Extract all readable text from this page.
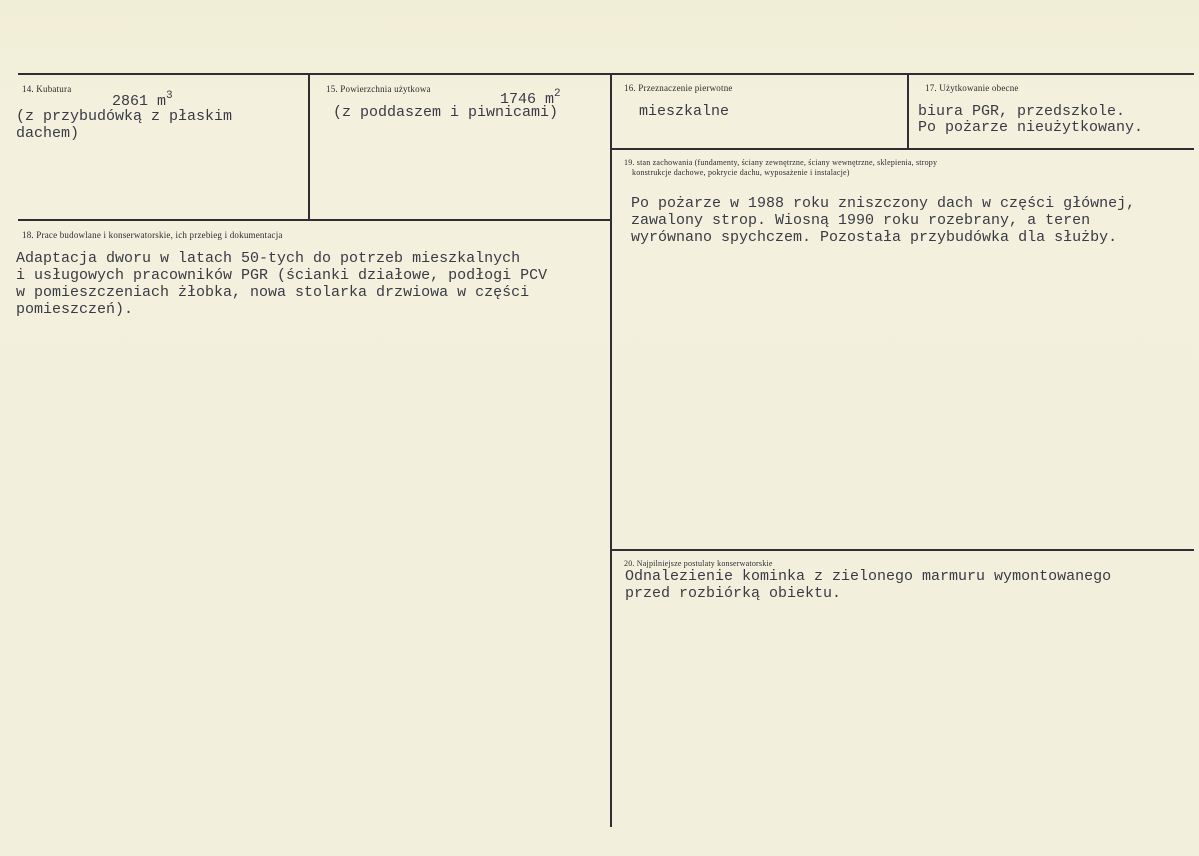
14. Kubatura
2861 $m^3$
(z przybudówką z płaskim
dachem)
15. Powierzchnia użytkowa
1746 $m^2$
(z poddaszem i piwnicami)
16. Przeznaczenie pierwotne
mieszkalne
17. Użytkowanie obecne
biura PGR, przedszkole.
Po pożarze nieużytkowany.
19. stan zachowania (fundamenty, ściany zewnętrzne, ściany wewnętrzne, sklepienia, stropy
konstrukcje dachowe, pokrycie dachu, wyposażenie i instalacje)
Po pożarze w 1988 roku zniszczony dach w części głównej,
zawalony strop. Wiosną 1990 roku rozebrany, a teren
wyrównano spychczem. Pozostała przybudówka dla służby.
18. Prace budowlane i konserwatorskie, ich przebieg i dokumentacja
Adaptacja dworu w latach 50-tych do potrzeb mieszkalnych
i usługowych pracowników PGR (ścianki działowe, podłogi PCV
w pomieszczeniach żłobka, nowa stolarka drzwiowa w części
pomieszczeń).
20. Najpilniejsze postulaty konserwatorskie
Odnalezienie kominka z zielonego marmuru wymontowanego
przed rozbiórką obiektu.
